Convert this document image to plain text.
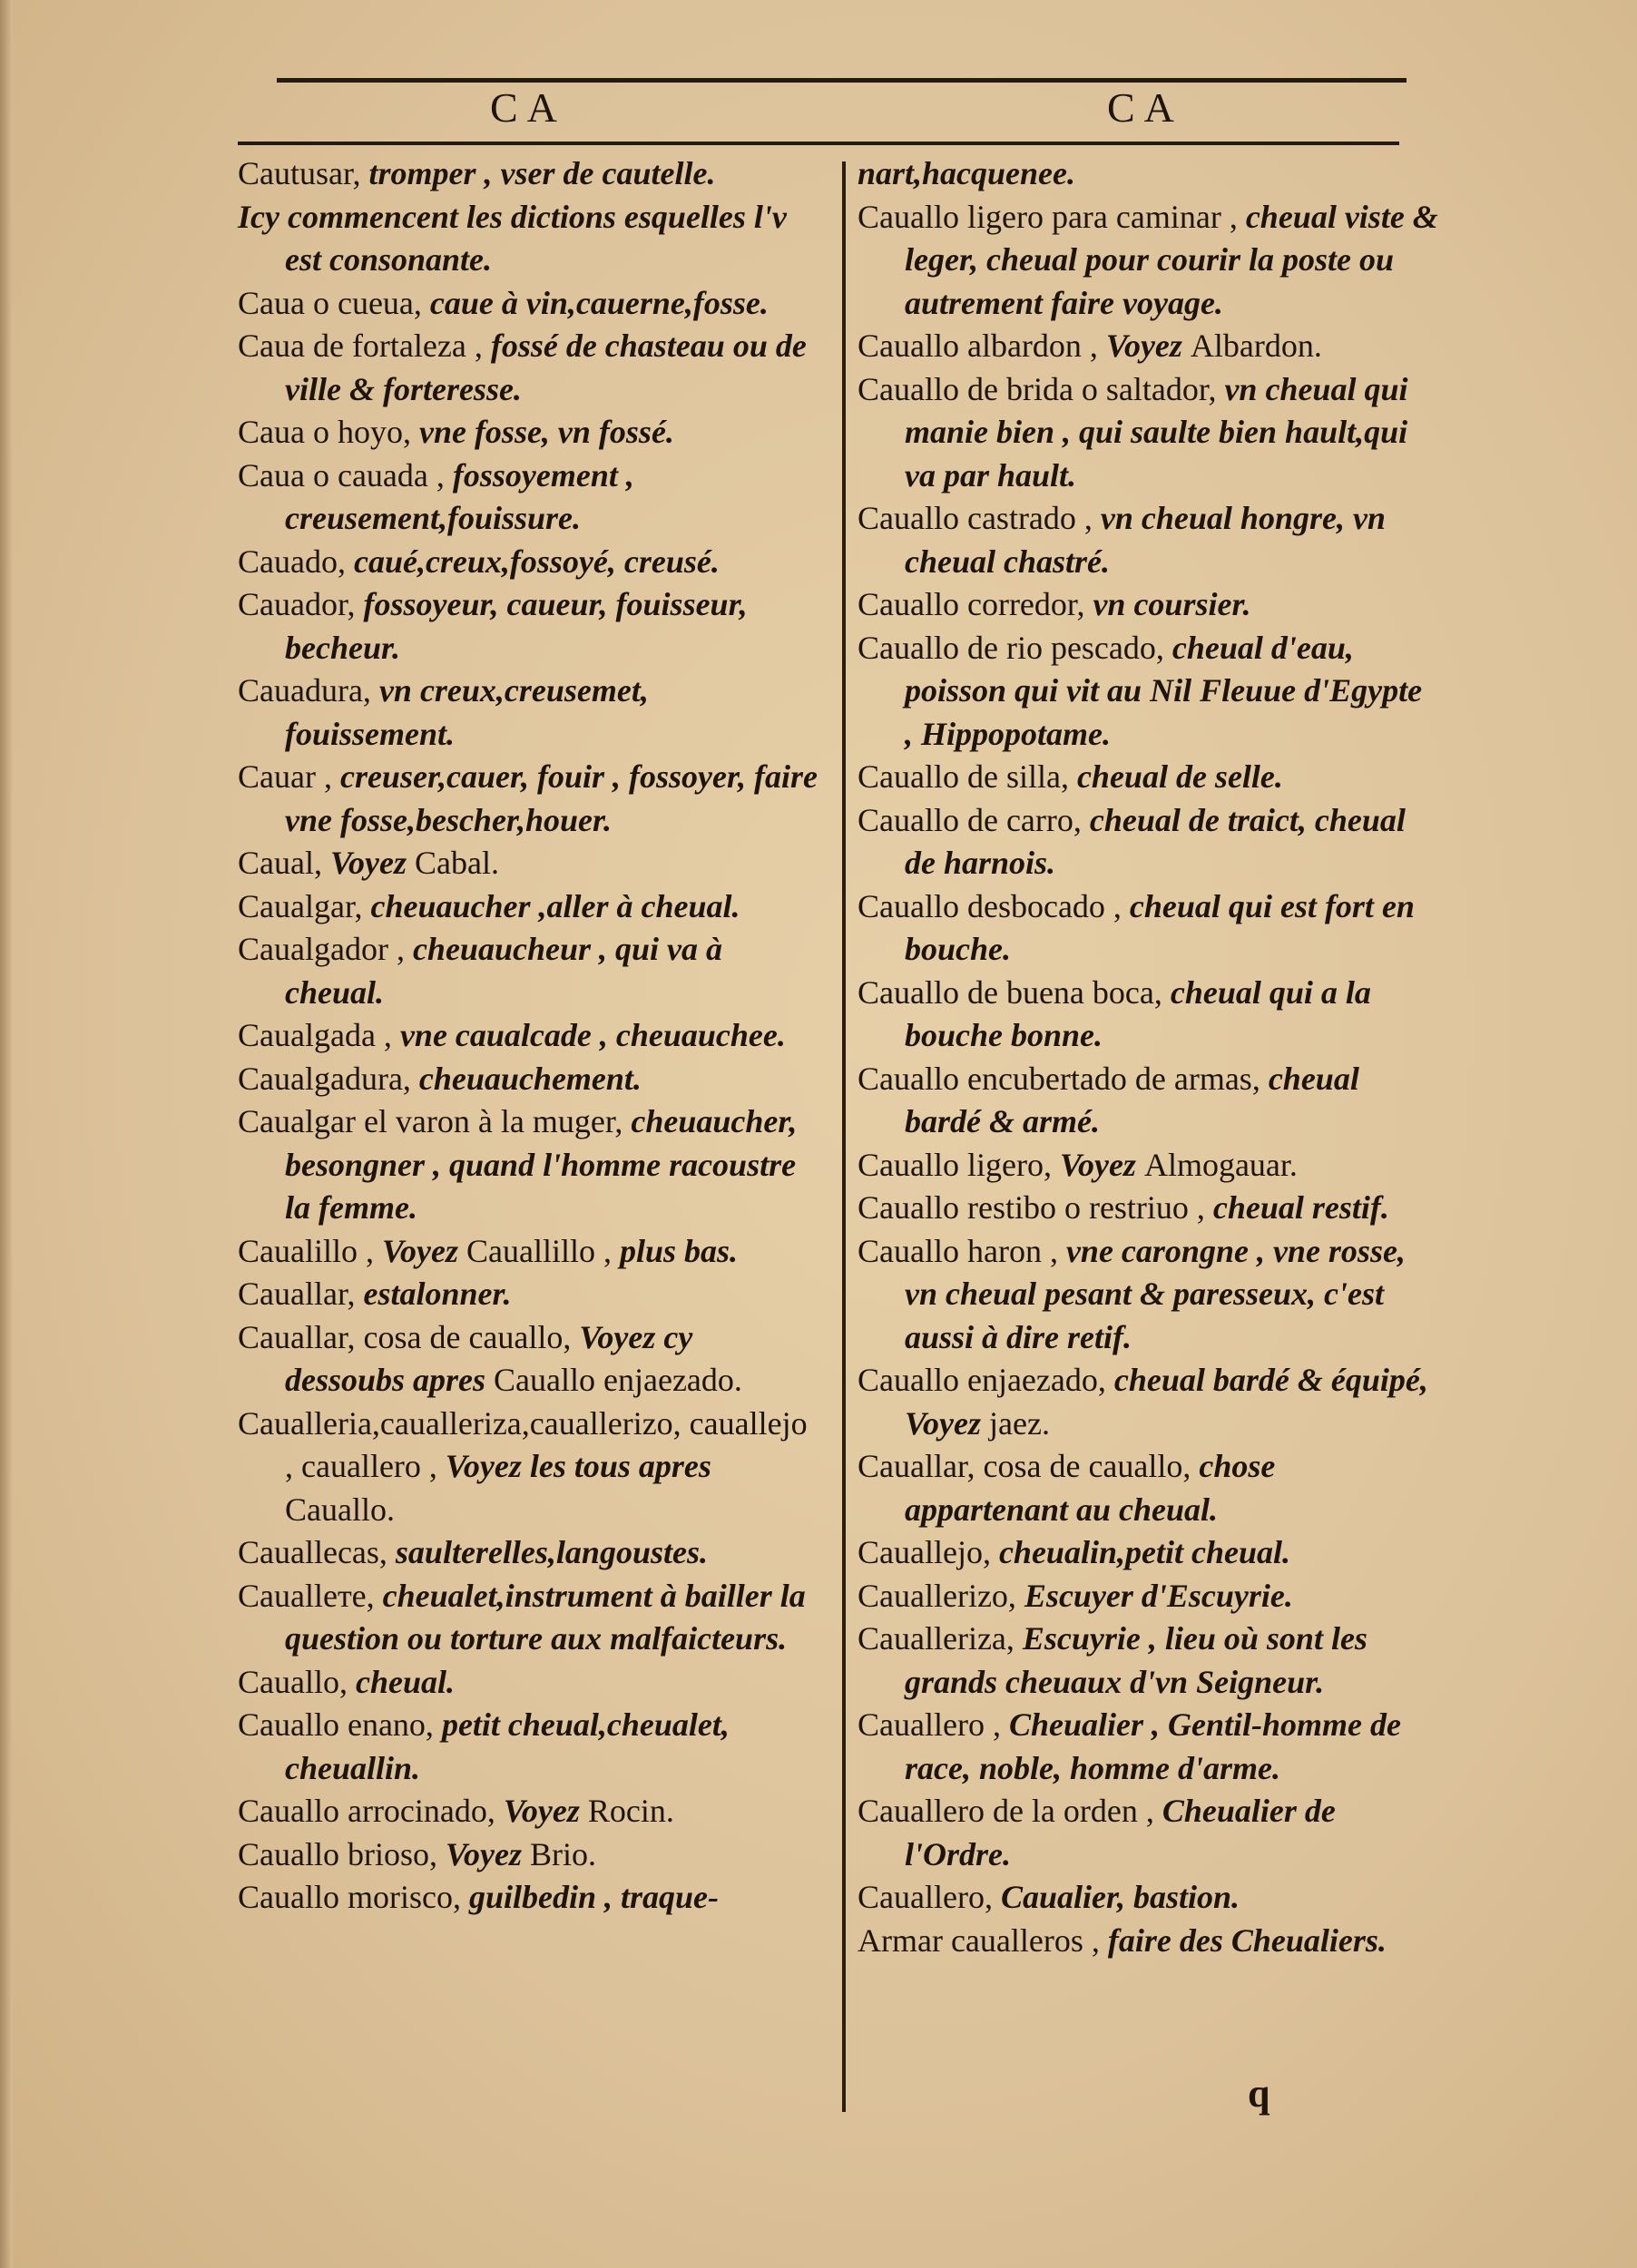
CA	CA

Cautusar, tromper , vser de cautelle.

Icy commencent les dictions esquelles l'v est consonante.

Caua o cueua, caue à vin,cauerne,fosse.

Caua de fortaleza , fossé de chasteau ou de ville & forteresse.

Caua o hoyo, vne fosse, vn fossé.

Caua o cauada , fossoyement , creusement,fouissure.

Cauado, caué,creux,fossoyé, creusé.

Cauador, fossoyeur, caueur, fouisseur, becheur.

Cauadura, vn creux,creusemet, fouissement.

Cauar , creuser,cauer, fouir , fossoyer, faire vne fosse,bescher,houer.

Caual, Voyez Cabal.

Caualgar, cheuaucher ,aller à cheual.

Caualgador , cheuaucheur , qui va à cheual.

Caualgada , vne caualcade , cheuauchee.

Caualgadura, cheuauchement.

Caualgar el varon à la muger, cheuaucher, besongner , quand l'homme racoustre la femme.

Caualillo , Voyez Cauallillo , plus bas.

Cauallar, estalonner.

Cauallar, cosa de cauallo, Voyez cy dessoubs apres Cauallo enjaezado.

Caualleria,caualleriza,cauallerizo, cauallejo , cauallero , Voyez les tous apres Cauallo.

Cauallecas, saulterelles,langoustes.

Caualleте, cheualet,instrument à bailler la question ou torture aux malfaicteurs.

Cauallo, cheual.

Cauallo enano, petit cheual,cheualet, cheuallin.

Cauallo arrocinado, Voyez Rocin.

Cauallo brioso, Voyez Brio.

Cauallo morisco, guilbedin , traque-

nart,hacquenee.

Cauallo ligero para caminar , cheual viste & leger, cheual pour courir la poste ou autrement faire voyage.

Cauallo albardon , Voyez Albardon.

Cauallo de brida o saltador, vn cheual qui manie bien , qui saulte bien hault,qui va par hault.

Cauallo castrado , vn cheual hongre, vn cheual chastré.

Cauallo corredor, vn coursier.

Cauallo de rio pescado, cheual d'eau, poisson qui vit au Nil Fleuue d'Egypte , Hippopotame.

Cauallo de silla, cheual de selle.

Cauallo de carro, cheual de traict, cheual de harnois.

Cauallo desbocado , cheual qui est fort en bouche.

Cauallo de buena boca, cheual qui a la bouche bonne.

Cauallo encubertado de armas, cheual bardé & armé.

Cauallo ligero, Voyez Almogauar.

Cauallo restibo o restriuo , cheual restif.

Cauallo haron , vne carongne , vne rosse, vn cheual pesant & paresseux, c'est aussi à dire retif.

Cauallo enjaezado, cheual bardé & équipé, Voyez jaez.

Cauallar, cosa de cauallo, chose appartenant au cheual.

Cauallejo, cheualin,petit cheual.

Cauallerizo, Escuyer d'Escuyrie.

Caualleriza, Escuyrie , lieu où sont les grands cheuaux d'vn Seigneur.

Cauallero , Cheualier , Gentil-homme de race, noble, homme d'arme.

Cauallero de la orden , Cheualier de l'Ordre.

Cauallero, Caualier, bastion.

Armar caualleros , faire des Cheualiers.

q
